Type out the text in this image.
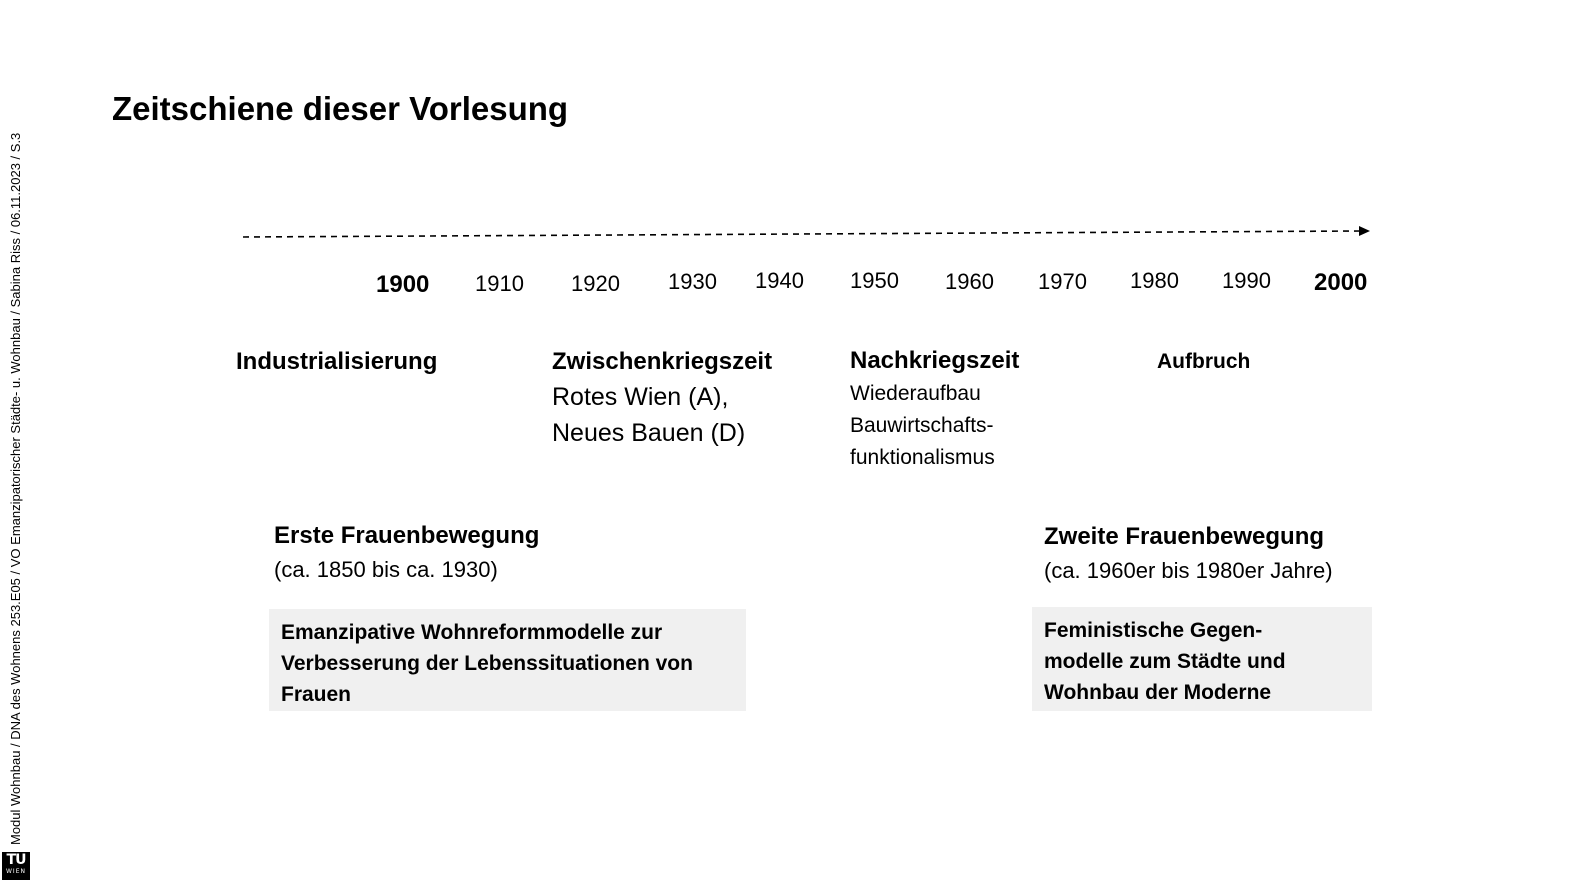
Modul Wohnbau / DNA des Wohnens 253.E05 / VO Emanzipatorischer Städte- u. Wohnbau / Sabina Riss / 06.11.2023 / S.3
TU
WIEN
Zeitschiene dieser Vorlesung
1900 1910 1920 1930 1940 1950 1960 1970 1980 1990 2000
Industrialisierung	Zwischenkriegszeit
Rotes Wien (A),
Neues Bauen (D)
Nachkriegszeit
Wiederaufbau
Bauwirtschafts-
funktionalismus
Aufbruch
Erste Frauenbewegung
(ca. 1850 bis ca. 1930)

Emanzipative Wohnreformmodelle zur

Verbesserung der Lebenssituationen von

Frauen

Zweite Frauenbewegung
(ca. 1960er bis 1980er Jahre)

Feministische Gegen-

modelle zum Städte und

Wohnbau der Moderne
